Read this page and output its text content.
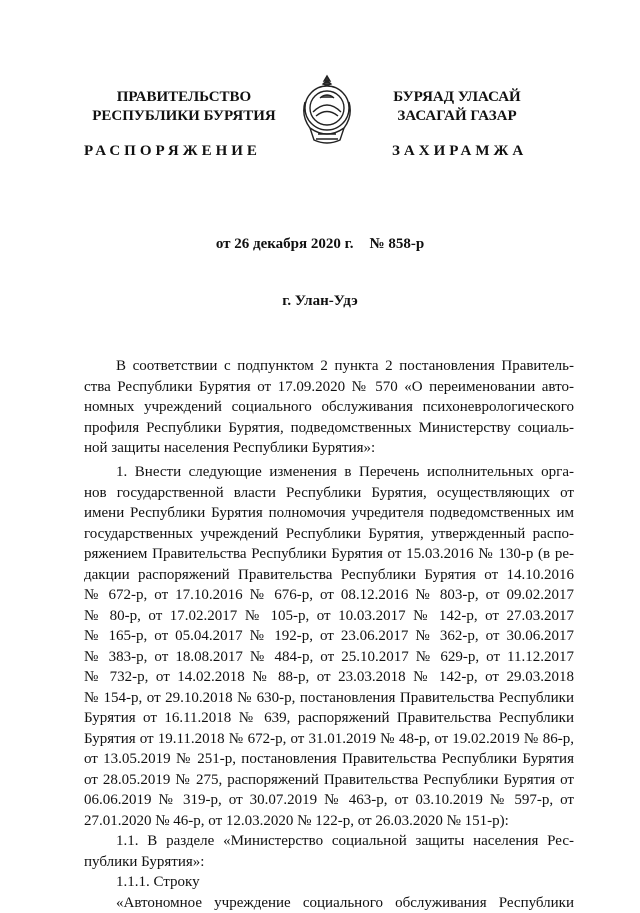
ПРАВИТЕЛЬСТВО
РЕСПУБЛИКИ БУРЯТИЯ
БУРЯАД УЛАСАЙ
ЗАСАГАЙ ГАЗАР
РАСПОРЯЖЕНИЕ	ЗАХИРАМЖА
от 26 декабря 2020 г. № 858-р
г. Улан-Удэ
В соответствии с подпунктом 2 пункта 2 постановления Правитель-
ства Республики Бурятия от 17.09.2020 № 570 «О переименовании авто-
номных учреждений социального обслуживания психоневрологического
профиля Республики Бурятия, подведомственных Министерству социаль-
ной защиты населения Республики Бурятия»:
1. Внести следующие изменения в Перечень исполнительных орга-
нов государственной власти Республики Бурятия, осуществляющих от
имени Республики Бурятия полномочия учредителя подведомственных им
государственных учреждений Республики Бурятия, утвержденный распо-
ряжением Правительства Республики Бурятия от 15.03.2016 № 130-р (в ре-
дакции распоряжений Правительства Республики Бурятия от 14.10.2016
№ 672-р, от 17.10.2016 № 676-р, от 08.12.2016 № 803-р, от 09.02.2017
№ 80-р, от 17.02.2017 № 105-р, от 10.03.2017 № 142-р, от 27.03.2017
№ 165-р, от 05.04.2017 № 192-р, от 23.06.2017 № 362-р, от 30.06.2017
№ 383-р, от 18.08.2017 № 484-р, от 25.10.2017 № 629-р, от 11.12.2017
№ 732-р, от 14.02.2018 № 88-р, от 23.03.2018 № 142-р, от 29.03.2018
№ 154-р, от 29.10.2018 № 630-р, постановления Правительства Республики
Бурятия от 16.11.2018 № 639, распоряжений Правительства Республики
Бурятия от 19.11.2018 № 672-р, от 31.01.2019 № 48-р, от 19.02.2019 № 86-р,
от 13.05.2019 № 251-р, постановления Правительства Республики Бурятия
от 28.05.2019 № 275, распоряжений Правительства Республики Бурятия от
06.06.2019 № 319-р, от 30.07.2019 № 463-р, от 03.10.2019 № 597-р, от
27.01.2020 № 46-р, от 12.03.2020 № 122-р, от 26.03.2020 № 151-р):
1.1. В разделе «Министерство социальной защиты населения Рес-
публики Бурятия»:
1.1.1. Строку
«Автономное учреждение социального обслуживания Республики
